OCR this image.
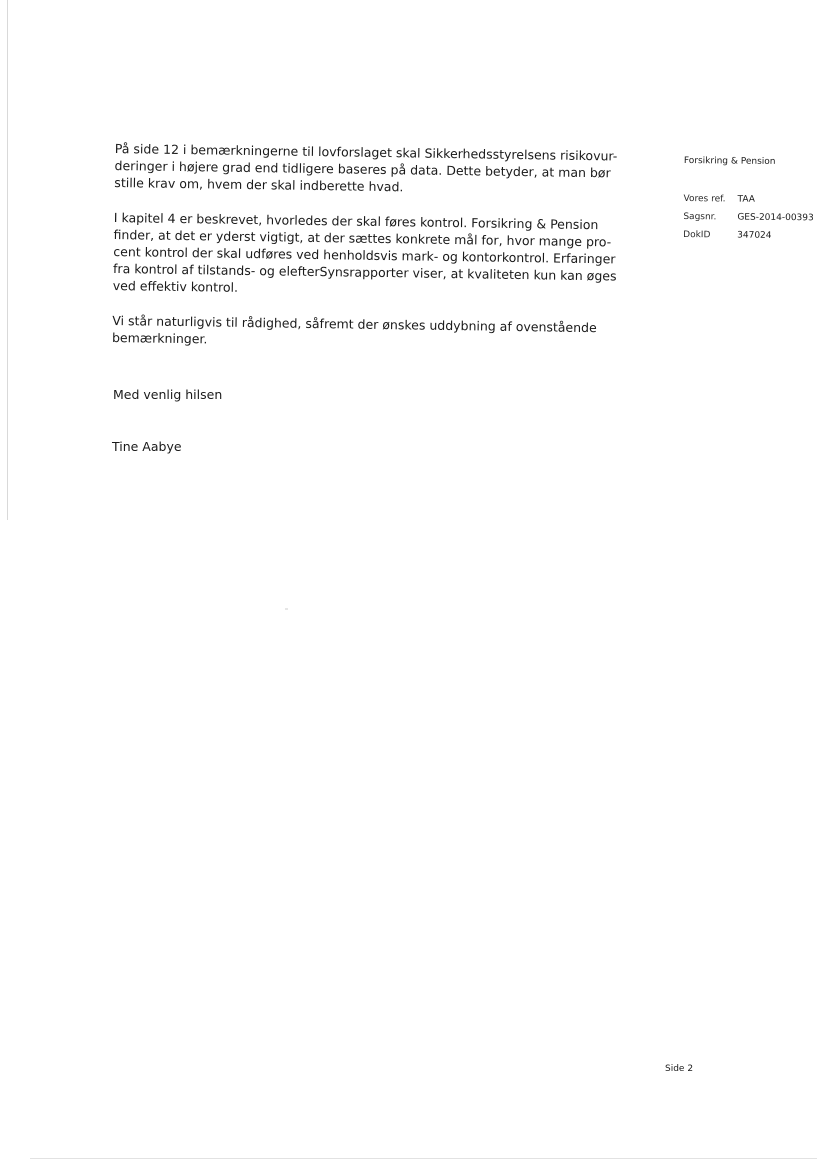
På side 12 i bemærkningerne til lovforslaget skal Sikkerhedsstyrelsens risikovur-
deringer i højere grad end tidligere baseres på data. Dette betyder, at man bør
stille krav om, hvem der skal indberette hvad.

I kapitel 4 er beskrevet, hvorledes der skal føres kontrol. Forsikring & Pension
finder, at det er yderst vigtigt, at der sættes konkrete mål for, hvor mange pro-
cent kontrol der skal udføres ved henholdsvis mark- og kontorkontrol. Erfaringer
fra kontrol af tilstands- og elefterSynsrapporter viser, at kvaliteten kun kan øges
ved effektiv kontrol.

Vi står naturligvis til rådighed, såfremt der ønskes uddybning af ovenstående
bemærkninger.

Med venlig hilsen
Tine Aabye
Forsikring & Pension
Vores ref.	TAA
Sagsnr.	GES-2014-00393
DokID	347024
Side 2
